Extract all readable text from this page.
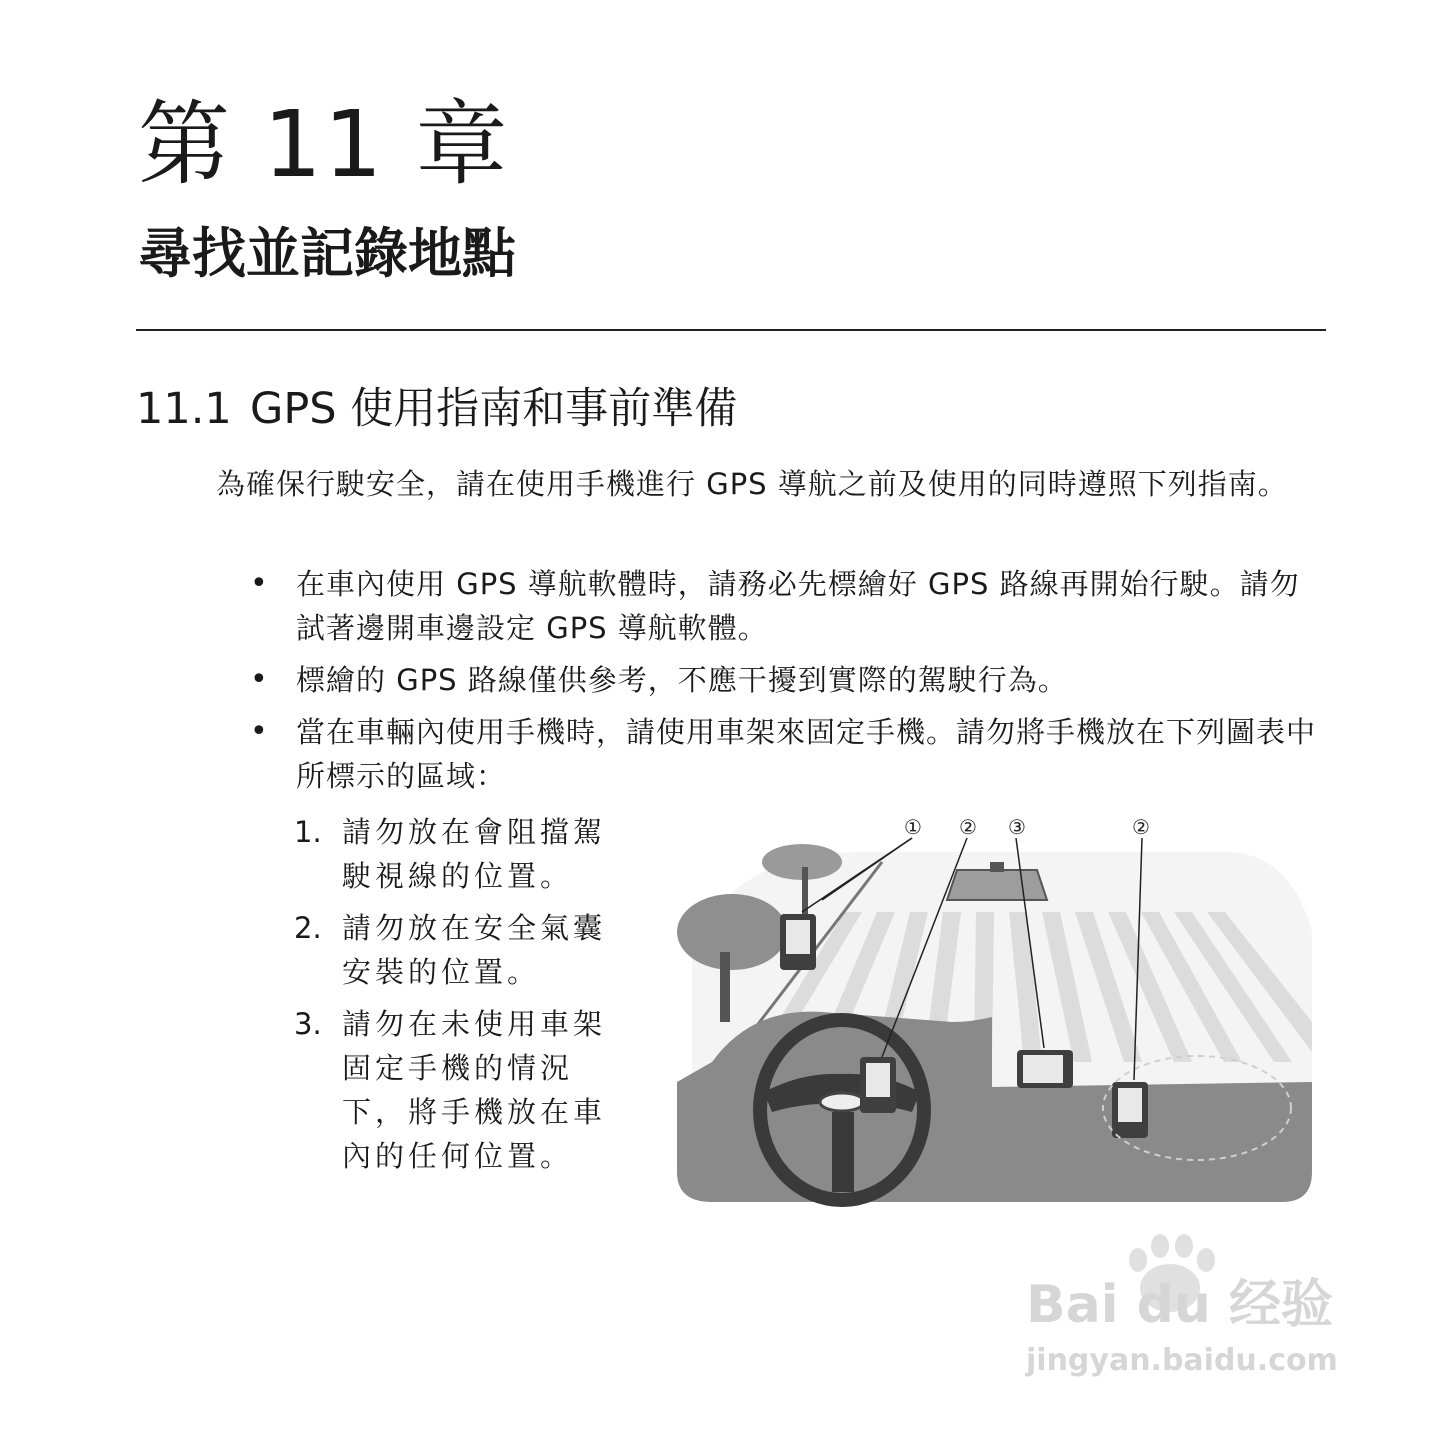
第 11 章
尋找並記錄地點
11.1 GPS 使用指南和事前準備
為確保行駛安全，請在使用手機進行 GPS 導航之前及使用的同時遵照下列指南。
• 在車內使用 GPS 導航軟體時，請務必先標繪好 GPS 路線再開始行駛。請勿試著邊開車邊設定 GPS 導航軟體。
• 標繪的 GPS 路線僅供參考，不應干擾到實際的駕駛行為。
• 當在車輛內使用手機時，請使用車架來固定手機。請勿將手機放在下列圖表中所標示的區域：
1. 請勿放在會阻擋駕駛視線的位置。
2. 請勿放在安全氣囊安裝的位置。
3. 請勿在未使用車架固定手機的情況下，將手機放在車內的任何位置。
① ② ③	②
Bai du 经验
jingyan.baidu.com
